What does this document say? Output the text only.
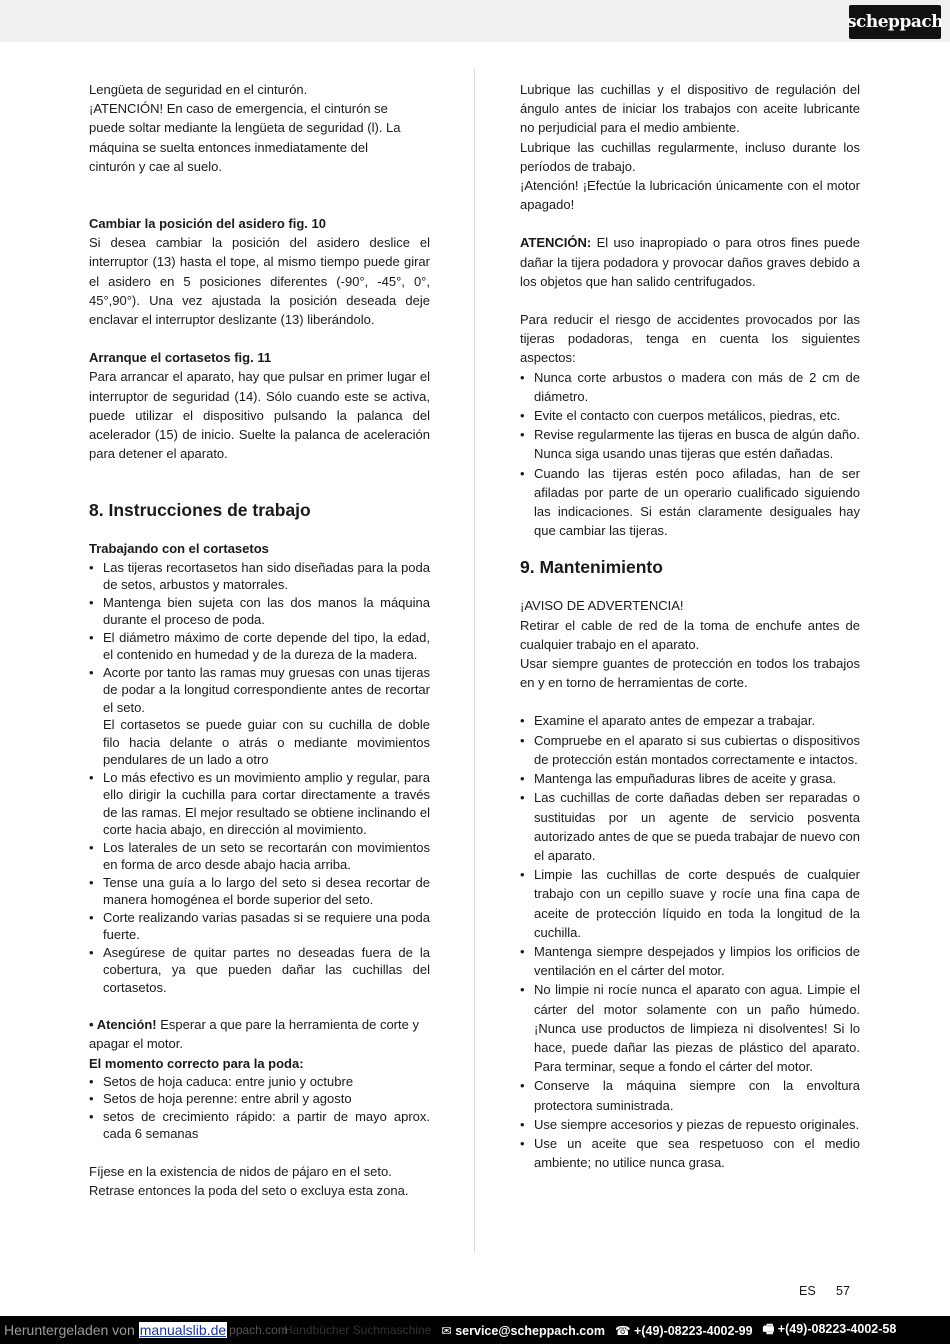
scheppach

Lengüeta de seguridad en el cinturón.

¡ATENCIÓN! En caso de emergencia, el cinturón se puede soltar mediante la lengüeta de seguridad (l). La máquina se suelta entonces inmediatamente del cinturón y cae al suelo.

Cambiar la posición del asidero fig. 10

Si desea cambiar la posición del asidero deslice el interruptor (13) hasta el tope, al mismo tiempo puede girar el asidero en 5 posiciones diferentes (-90°, -45°, 0°, 45°,90°). Una vez ajustada la posición deseada deje enclavar el interruptor deslizante (13) liberándolo.

Arranque el cortasetos fig. 11

Para arrancar el aparato, hay que pulsar en primer lugar el interruptor de seguridad (14). Sólo cuando este se activa, puede utilizar el dispositivo pulsando la palanca del acelerador (15) de inicio. Suelte la palanca de aceleración para detener el aparato.

8. Instrucciones de trabajo

Trabajando con el cortasetos

• Las tijeras recortasetos han sido diseñadas para la poda de setos, arbustos y matorrales.
• Mantenga bien sujeta con las dos manos la máquina durante el proceso de poda.
• El diámetro máximo de corte depende del tipo, la edad, el contenido en humedad y de la dureza de la madera.
• Acorte por tanto las ramas muy gruesas con unas tijeras de podar a la longitud correspondiente antes de recortar el seto.
El cortasetos se puede guiar con su cuchilla de doble filo hacia delante o atrás o mediante movimientos pendulares de un lado a otro
• Lo más efectivo es un movimiento amplio y regular, para ello dirigir la cuchilla para cortar directamente a través de las ramas. El mejor resultado se obtiene inclinando el corte hacia abajo, en dirección al movimiento.
• Los laterales de un seto se recortarán con movimientos en forma de arco desde abajo hacia arriba.
• Tense una guía a lo largo del seto si desea recortar de manera homogénea el borde superior del seto.
• Corte realizando varias pasadas si se requiere una poda fuerte.
• Asegúrese de quitar partes no deseadas fuera de la cobertura, ya que pueden dañar las cuchillas del cortasetos.

• Atención! Esperar a que pare la herramienta de corte y apagar el motor.

El momento correcto para la poda:

• Setos de hoja caduca: entre junio y octubre
• Setos de hoja perenne: entre abril y agosto
• setos de crecimiento rápido: a partir de mayo aprox. cada 6 semanas

Fíjese en la existencia de nidos de pájaro en el seto.

Retrase entonces la poda del seto o excluya esta zona.

Lubrique las cuchillas y el dispositivo de regulación del ángulo antes de iniciar los trabajos con aceite lubricante no perjudicial para el medio ambiente.

Lubrique las cuchillas regularmente, incluso durante los períodos de trabajo.

¡Atención! ¡Efectúe la lubricación únicamente con el motor apagado!

ATENCIÓN: El uso inapropiado o para otros fines puede dañar la tijera podadora y provocar daños graves debido a los objetos que han salido centrifugados.

Para reducir el riesgo de accidentes provocados por las tijeras podadoras, tenga en cuenta los siguientes aspectos:

• Nunca corte arbustos o madera con más de 2 cm de diámetro.
• Evite el contacto con cuerpos metálicos, piedras, etc.
• Revise regularmente las tijeras en busca de algún daño. Nunca siga usando unas tijeras que estén dañadas.
• Cuando las tijeras estén poco afiladas, han de ser afiladas por parte de un operario cualificado siguiendo las indicaciones. Si están claramente desiguales hay que cambiar las tijeras.
9. Mantenimiento

¡AVISO DE ADVERTENCIA!

Retirar el cable de red de la toma de enchufe antes de cualquier trabajo en el aparato.

Usar siempre guantes de protección en todos los trabajos en y en torno de herramientas de corte.

• Examine el aparato antes de empezar a trabajar.
• Compruebe en el aparato si sus cubiertas o dispositivos de protección están montados correctamente e intactos.
• Mantenga las empuñaduras libres de aceite y grasa.
• Las cuchillas de corte dañadas deben ser reparadas o sustituidas por un agente de servicio posventa autorizado antes de que se pueda trabajar de nuevo con el aparato.
• Limpie las cuchillas de corte después de cualquier trabajo con un cepillo suave y rocíe una fina capa de aceite de protección líquido en toda la longitud de la cuchilla.
• Mantenga siempre despejados y limpios los orificios de ventilación en el cárter del motor.
• No limpie ni rocíe nunca el aparato con agua. Limpie el cárter del motor solamente con un paño húmedo. ¡Nunca use productos de limpieza ni disolventes! Si lo hace, puede dañar las piezas de plástico del aparato. Para terminar, seque a fondo el cárter del motor.
• Conserve la máquina siempre con la envoltura protectora suministrada.
• Use siempre accesorios y piezas de repuesto originales.
• Use un aceite que sea respetuoso con el medio ambiente; no utilice nunca grasa.
ES 57
Heruntergeladen von manualslib.de ppach.com
Handbücher Suchmaschine ✉ service@scheppach.com ☎ +(49)-08223-4002-99 🖷 +(49)-08223-4002-58
